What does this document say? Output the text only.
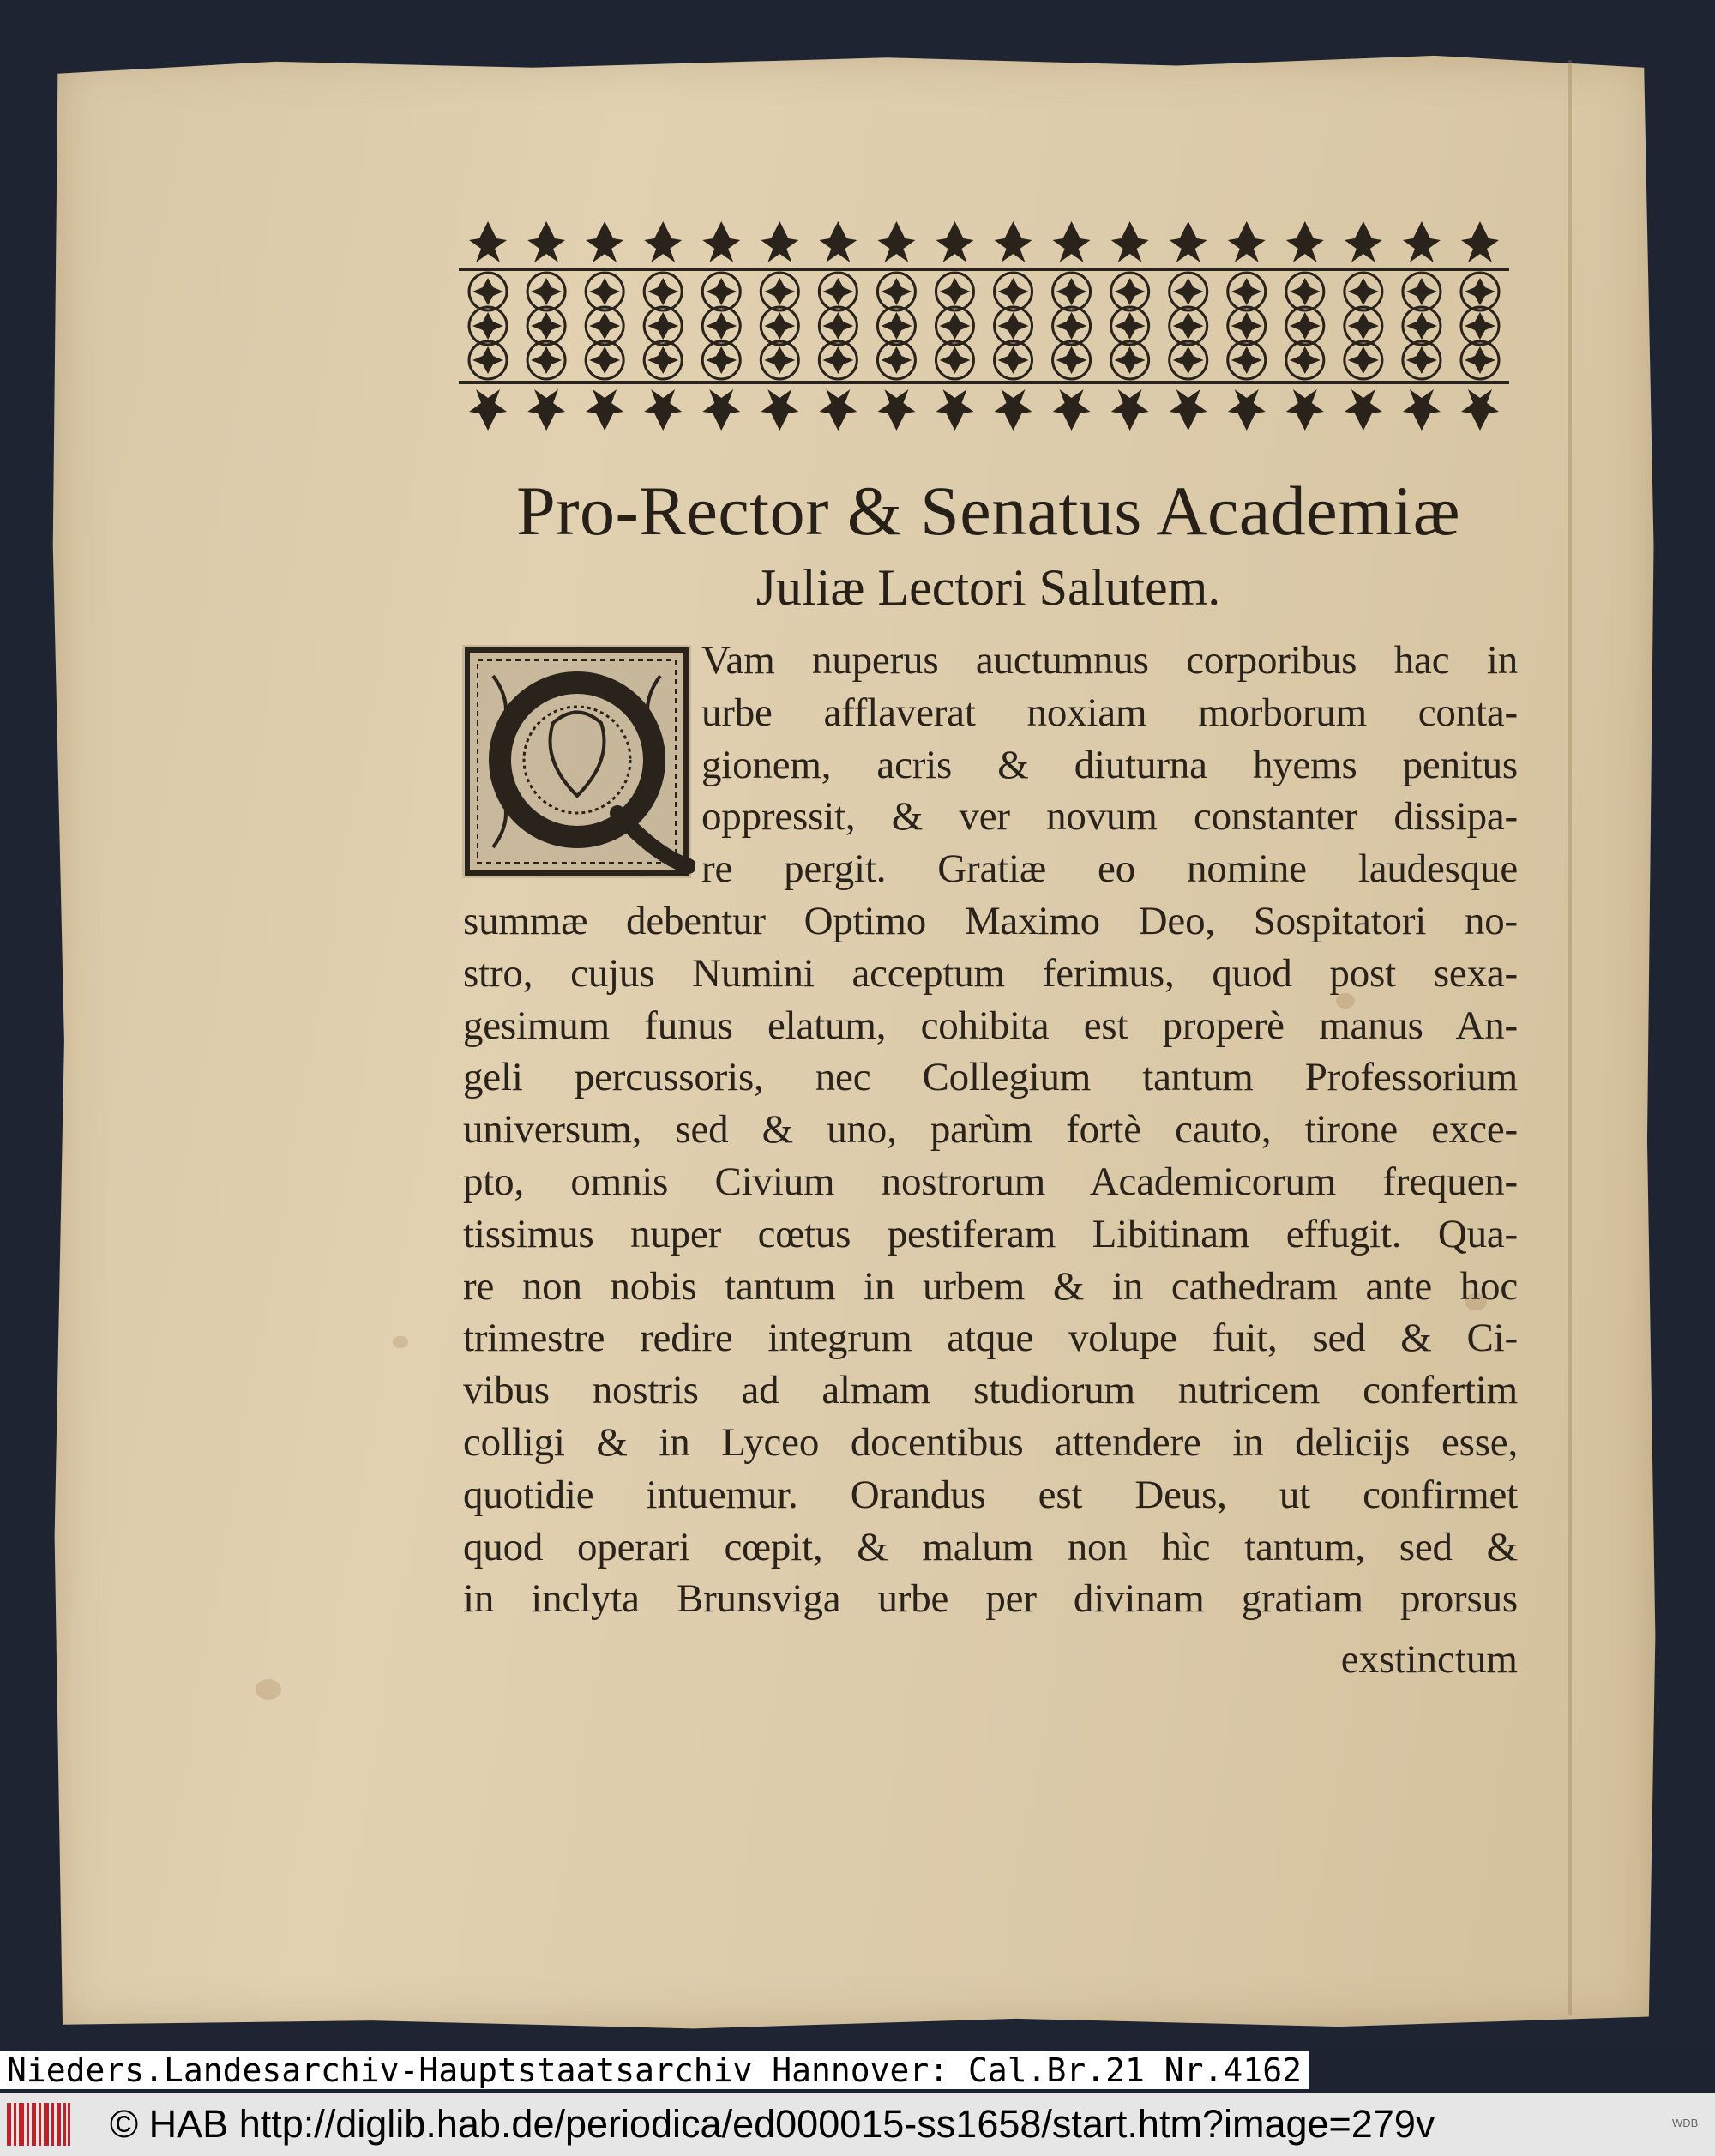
Pro-Rector & Senatus Academiæ
Juliæ Lectori Salutem.
Vam nuperus auctumnus corporibus hac in
urbe afflaverat noxiam morborum conta-
gionem, acris & diuturna hyems penitus
oppressit, & ver novum constanter dissipa-
re pergit. Gratiæ eo nomine laudesque
summæ debentur Optimo Maximo Deo, Sospitatori no-
stro, cujus Numini acceptum ferimus, quod post sexa-
gesimum funus elatum, cohibita est properè manus An-
geli percussoris, nec Collegium tantum Professorium
universum, sed & uno, parùm fortè cauto, tirone exce-
pto, omnis Civium nostrorum Academicorum frequen-
tissimus nuper cœtus pestiferam Libitinam effugit. Qua-
re non nobis tantum in urbem & in cathedram ante hoc
trimestre redire integrum atque volupe fuit, sed & Ci-
vibus nostris ad almam studiorum nutricem confertim
colligi & in Lyceo docentibus attendere in delicijs esse,
quotidie intuemur. Orandus est Deus, ut confirmet
quod operari cœpit, & malum non hìc tantum, sed &
in inclyta Brunsviga urbe per divinam gratiam prorsus
exstinctum
Nieders.Landesarchiv-Hauptstaatsarchiv Hannover: Cal.Br.21 Nr.4162
© HAB http://diglib.hab.de/periodica/ed000015-ss1658/start.htm?image=279v	WDB
